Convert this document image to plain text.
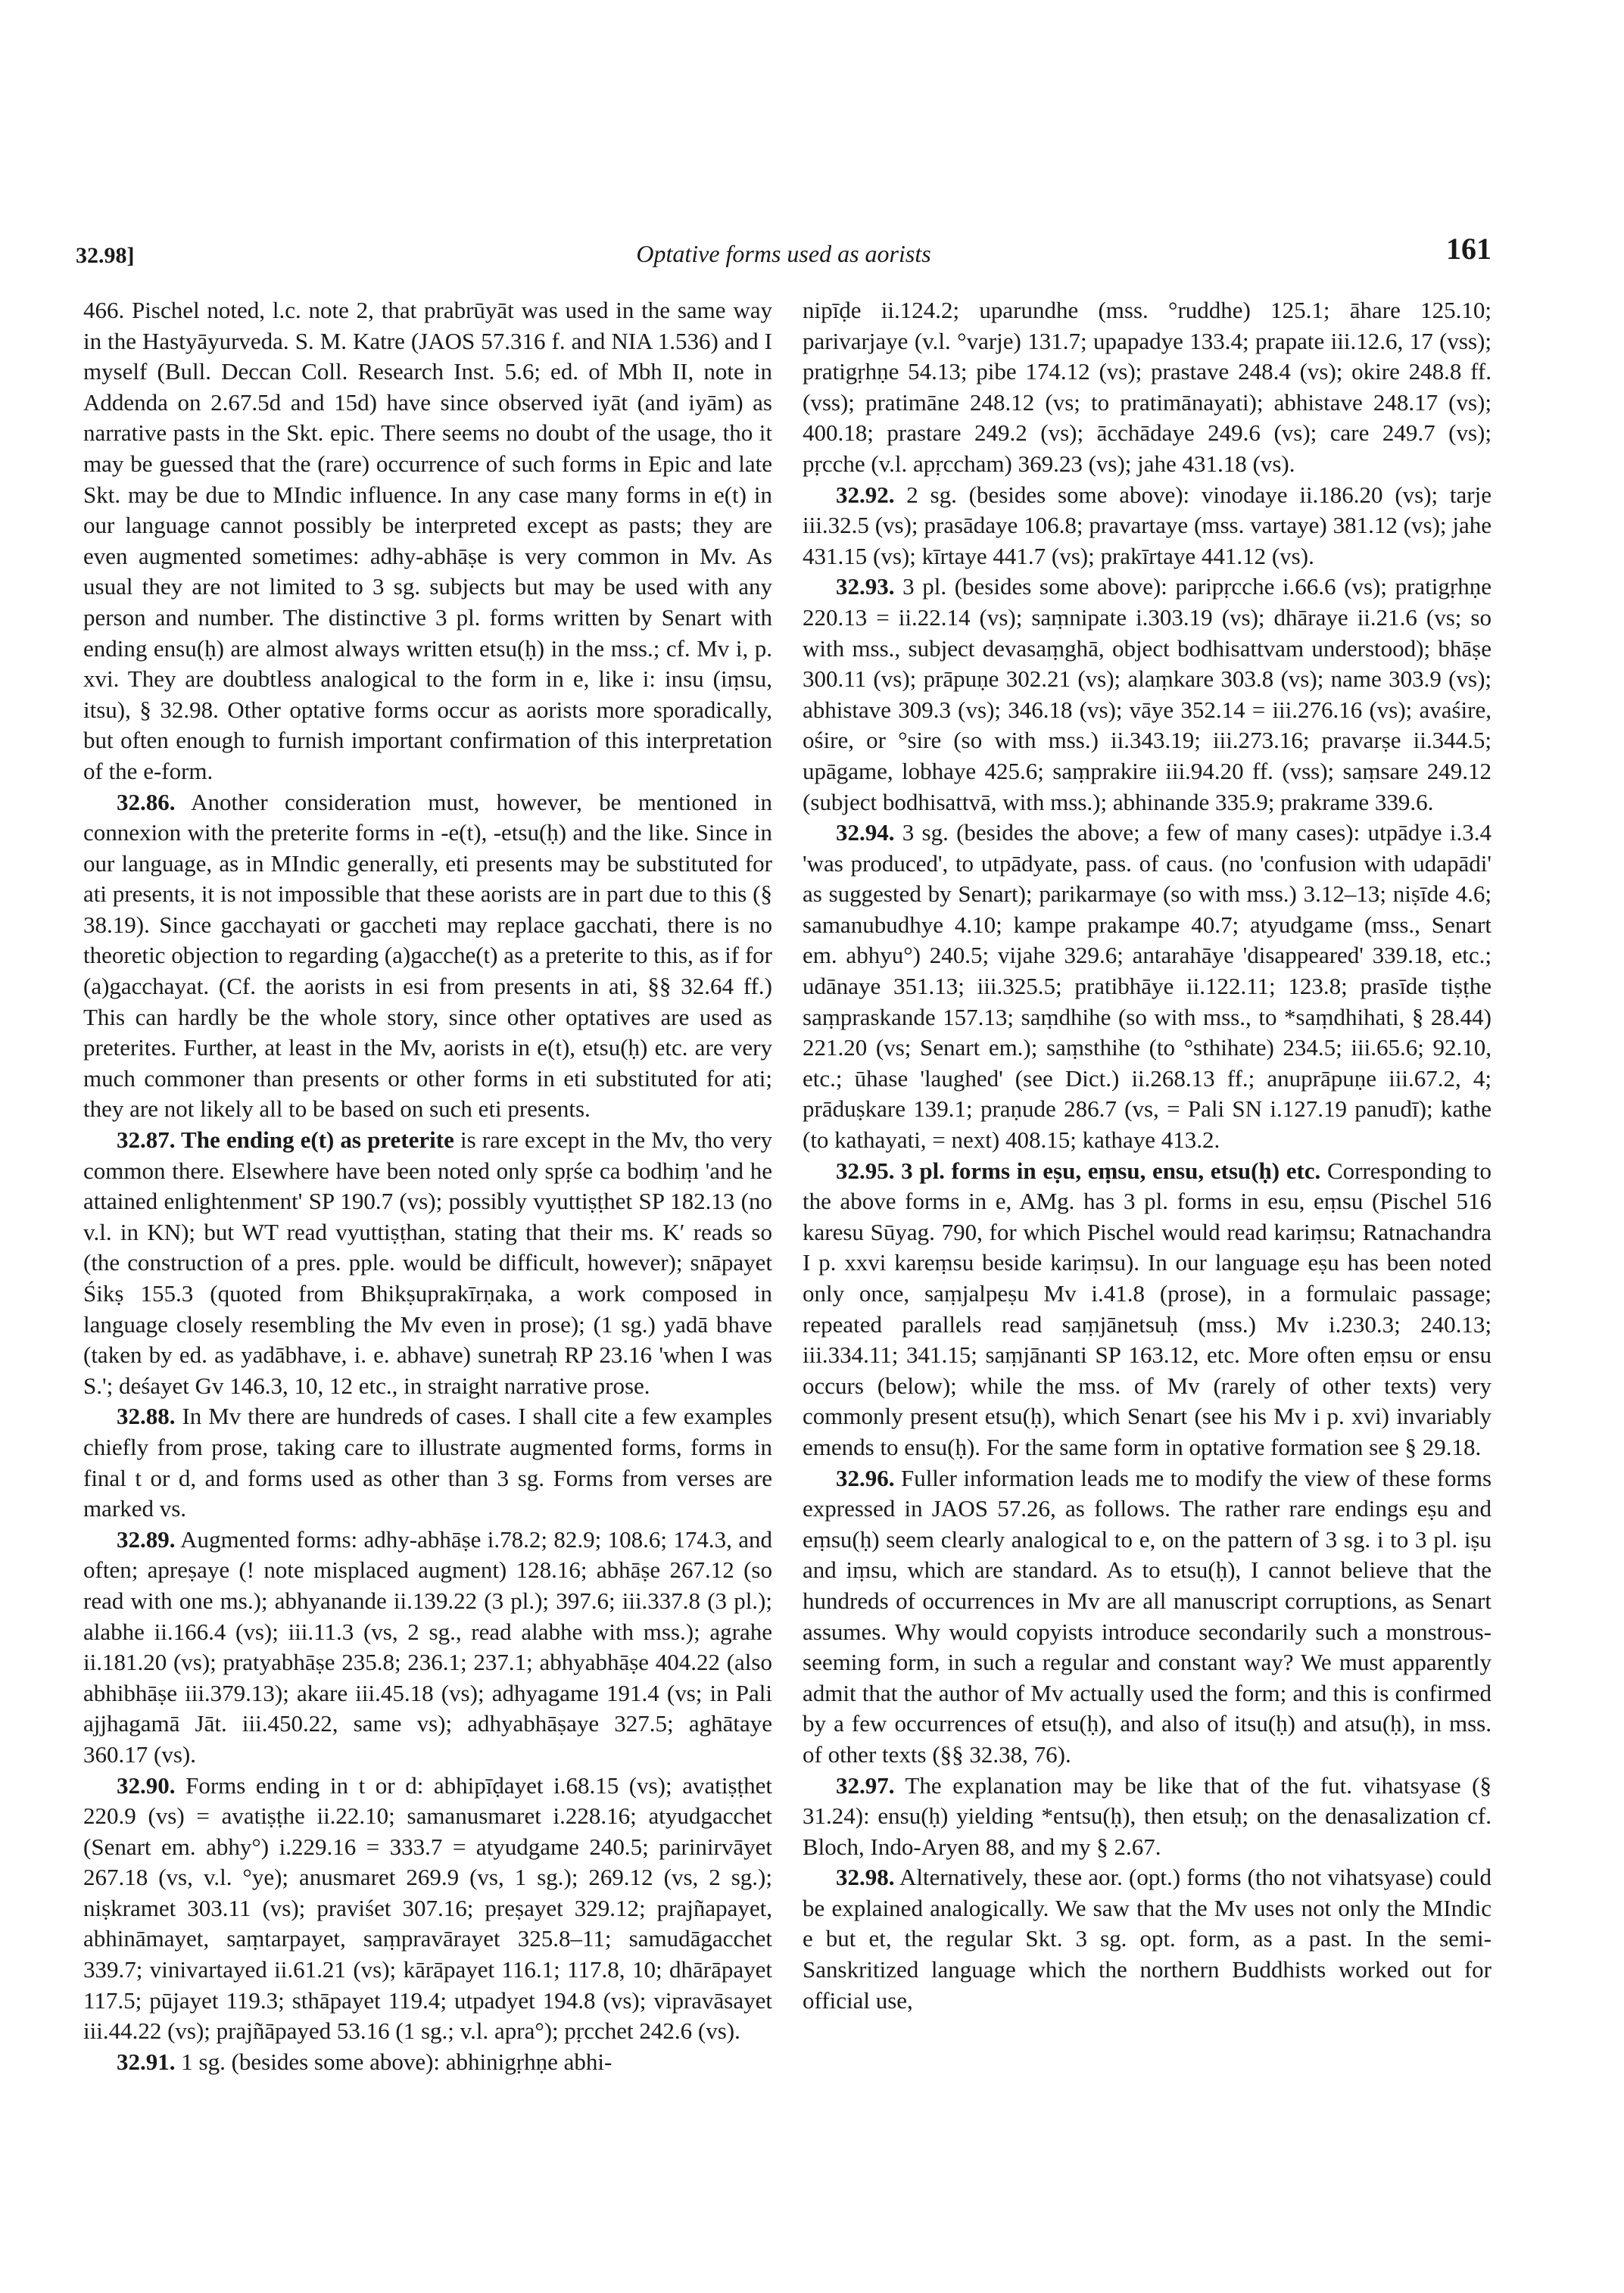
32.98]	Optative forms used as aorists	161

466. Pischel noted, l.c. note 2, that prabrūyāt was used in the same way in the Hastyāyurveda. S. M. Katre (JAOS 57.316 f. and NIA 1.536) and I myself (Bull. Deccan Coll. Research Inst. 5.6; ed. of Mbh II, note in Addenda on 2.67.5d and 15d) have since observed iyāt (and iyām) as narrative pasts in the Skt. epic. There seems no doubt of the usage, tho it may be guessed that the (rare) occurrence of such forms in Epic and late Skt. may be due to MIndic influence. In any case many forms in e(t) in our language cannot possibly be interpreted except as pasts; they are even augmented sometimes: adhy-abhāṣe is very common in Mv. As usual they are not limited to 3 sg. subjects but may be used with any person and number. The distinctive 3 pl. forms written by Senart with ending ensu(ḥ) are almost always written etsu(ḥ) in the mss.; cf. Mv i, p. xvi. They are doubtless analogical to the form in e, like i: insu (iṃsu, itsu), § 32.98. Other optative forms occur as aorists more sporadically, but often enough to furnish important confirmation of this interpretation of the e-form.

32.86. Another consideration must, however, be mentioned in connexion with the preterite forms in -e(t), -etsu(ḥ) and the like. Since in our language, as in MIndic generally, eti presents may be substituted for ati presents, it is not impossible that these aorists are in part due to this (§ 38.19). Since gacchayati or gaccheti may replace gacchati, there is no theoretic objection to regarding (a)gacche(t) as a preterite to this, as if for (a)gacchayat. (Cf. the aorists in esi from presents in ati, §§ 32.64 ff.) This can hardly be the whole story, since other optatives are used as preterites. Further, at least in the Mv, aorists in e(t), etsu(ḥ) etc. are very much commoner than presents or other forms in eti substituted for ati; they are not likely all to be based on such eti presents.

32.87. The ending e(t) as preterite is rare except in the Mv, tho very common there. Elsewhere have been noted only spṛśe ca bodhiṃ 'and he attained enlightenment' SP 190.7 (vs); possibly vyuttiṣṭhet SP 182.13 (no v.l. in KN); but WT read vyuttiṣṭhan, stating that their ms. K′ reads so (the construction of a pres. pple. would be difficult, however); snāpayet Śikṣ 155.3 (quoted from Bhikṣuprakīrṇaka, a work composed in language closely resembling the Mv even in prose); (1 sg.) yadā bhave (taken by ed. as yadābhave, i. e. abhave) sunetraḥ RP 23.16 'when I was S.'; deśayet Gv 146.3, 10, 12 etc., in straight narrative prose.

32.88. In Mv there are hundreds of cases. I shall cite a few examples chiefly from prose, taking care to illustrate augmented forms, forms in final t or d, and forms used as other than 3 sg. Forms from verses are marked vs.

32.89. Augmented forms: adhy-abhāṣe i.78.2; 82.9; 108.6; 174.3, and often; apreṣaye (! note misplaced augment) 128.16; abhāṣe 267.12 (so read with one ms.); abhyanande ii.139.22 (3 pl.); 397.6; iii.337.8 (3 pl.); alabhe ii.166.4 (vs); iii.11.3 (vs, 2 sg., read alabhe with mss.); agrahe ii.181.20 (vs); pratyabhāṣe 235.8; 236.1; 237.1; abhyabhāṣe 404.22 (also abhibhāṣe iii.379.13); akare iii.45.18 (vs); adhyagame 191.4 (vs; in Pali ajjhagamā Jāt. iii.450.22, same vs); adhyabhāṣaye 327.5; aghātaye 360.17 (vs).

32.90. Forms ending in t or d: abhipīḍayet i.68.15 (vs); avatiṣṭhet 220.9 (vs) = avatiṣṭhe ii.22.10; samanusmaret i.228.16; atyudgacchet (Senart em. abhy°) i.229.16 = 333.7 = atyudgame 240.5; parinirvāyet 267.18 (vs, v.l. °ye); anusmaret 269.9 (vs, 1 sg.); 269.12 (vs, 2 sg.); niṣkramet 303.11 (vs); praviśet 307.16; preṣayet 329.12; prajñapayet, abhināmayet, saṃtarpayet, saṃpravārayet 325.8–11; samudāgacchet 339.7; vinivartayed ii.61.21 (vs); kārāpayet 116.1; 117.8, 10; dhārāpayet 117.5; pūjayet 119.3; sthāpayet 119.4; utpadyet 194.8 (vs); vipravāsayet iii.44.22 (vs); prajñāpayed 53.16 (1 sg.; v.l. apra°); pṛcchet 242.6 (vs).

32.91. 1 sg. (besides some above): abhinigṛhṇe abhi-

nipīḍe ii.124.2; uparundhe (mss. °ruddhe) 125.1; āhare 125.10; parivarjaye (v.l. °varje) 131.7; upapadye 133.4; prapate iii.12.6, 17 (vss); pratigṛhṇe 54.13; pibe 174.12 (vs); prastave 248.4 (vs); okire 248.8 ff. (vss); pratimāne 248.12 (vs; to pratimānayati); abhistave 248.17 (vs); 400.18; prastare 249.2 (vs); ācchādaye 249.6 (vs); care 249.7 (vs); pṛcche (v.l. apṛccham) 369.23 (vs); jahe 431.18 (vs).

32.92. 2 sg. (besides some above): vinodaye ii.186.20 (vs); tarje iii.32.5 (vs); prasādaye 106.8; pravartaye (mss. vartaye) 381.12 (vs); jahe 431.15 (vs); kīrtaye 441.7 (vs); prakīrtaye 441.12 (vs).

32.93. 3 pl. (besides some above): paripṛcche i.66.6 (vs); pratigṛhṇe 220.13 = ii.22.14 (vs); saṃnipate i.303.19 (vs); dhāraye ii.21.6 (vs; so with mss., subject devasaṃghā, object bodhisattvam understood); bhāṣe 300.11 (vs); prāpuṇe 302.21 (vs); alaṃkare 303.8 (vs); name 303.9 (vs); abhistave 309.3 (vs); 346.18 (vs); vāye 352.14 = iii.276.16 (vs); avaśire, ośire, or °sire (so with mss.) ii.343.19; iii.273.16; pravarṣe ii.344.5; upāgame, lobhaye 425.6; saṃprakire iii.94.20 ff. (vss); saṃsare 249.12 (subject bodhisattvā, with mss.); abhinande 335.9; prakrame 339.6.

32.94. 3 sg. (besides the above; a few of many cases): utpādye i.3.4 'was produced', to utpādyate, pass. of caus. (no 'confusion with udapādi' as suggested by Senart); parikarmaye (so with mss.) 3.12–13; niṣīde 4.6; samanubudhye 4.10; kampe prakampe 40.7; atyudgame (mss., Senart em. abhyu°) 240.5; vijahe 329.6; antarahāye 'disappeared' 339.18, etc.; udānaye 351.13; iii.325.5; pratibhāye ii.122.11; 123.8; prasīde tiṣṭhe saṃpraskande 157.13; saṃdhihe (so with mss., to *saṃdhihati, § 28.44) 221.20 (vs; Senart em.); saṃsthihe (to °sthihate) 234.5; iii.65.6; 92.10, etc.; ūhase 'laughed' (see Dict.) ii.268.13 ff.; anuprāpuṇe iii.67.2, 4; prāduṣkare 139.1; praṇude 286.7 (vs, = Pali SN i.127.19 panudī); kathe (to kathayati, = next) 408.15; kathaye 413.2.

32.95. 3 pl. forms in eṣu, eṃsu, ensu, etsu(ḥ) etc. Corresponding to the above forms in e, AMg. has 3 pl. forms in esu, eṃsu (Pischel 516 karesu Sūyag. 790, for which Pischel would read kariṃsu; Ratnachandra I p. xxvi kareṃsu beside kariṃsu). In our language eṣu has been noted only once, saṃjalpeṣu Mv i.41.8 (prose), in a formulaic passage; repeated parallels read saṃjānetsuḥ (mss.) Mv i.230.3; 240.13; iii.334.11; 341.15; saṃjānanti SP 163.12, etc. More often eṃsu or ensu occurs (below); while the mss. of Mv (rarely of other texts) very commonly present etsu(ḥ), which Senart (see his Mv i p. xvi) invariably emends to ensu(ḥ). For the same form in optative formation see § 29.18.

32.96. Fuller information leads me to modify the view of these forms expressed in JAOS 57.26, as follows. The rather rare endings eṣu and eṃsu(ḥ) seem clearly analogical to e, on the pattern of 3 sg. i to 3 pl. iṣu and iṃsu, which are standard. As to etsu(ḥ), I cannot believe that the hundreds of occurrences in Mv are all manuscript corruptions, as Senart assumes. Why would copyists introduce secondarily such a monstrous-seeming form, in such a regular and constant way? We must apparently admit that the author of Mv actually used the form; and this is confirmed by a few occurrences of etsu(ḥ), and also of itsu(ḥ) and atsu(ḥ), in mss. of other texts (§§ 32.38, 76).

32.97. The explanation may be like that of the fut. vihatsyase (§ 31.24): ensu(ḥ) yielding *entsu(ḥ), then etsuḥ; on the denasalization cf. Bloch, Indo-Aryen 88, and my § 2.67.

32.98. Alternatively, these aor. (opt.) forms (tho not vihatsyase) could be explained analogically. We saw that the Mv uses not only the MIndic e but et, the regular Skt. 3 sg. opt. form, as a past. In the semi-Sanskritized language which the northern Buddhists worked out for official use,
